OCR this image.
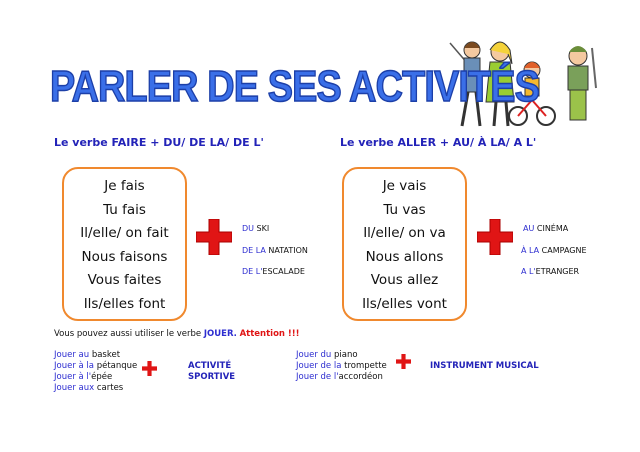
PARLER DE SES ACTIVITÉS
Le verbe FAIRE + DU/ DE LA/ DE L'	Le verbe ALLER + AU/ À LA/ A L'
Je fais
Tu fais
Il/elle/ on fait
Nous faisons
Vous faites
Ils/elles font
Je vais
Tu vas
Il/elle/ on va
Nous allons
Vous allez
Ils/elles vont
DU SKI
DE LA NATATION
DE L'ESCALADE
AU CINÉMA
À LA CAMPAGNE
A L'ETRANGER
Vous pouvez aussi utiliser le verbe JOUER. Attention !!!
Jouer au basket
Jouer à la pétanque
Jouer à l'épée
Jouer aux cartes
ACTIVITÉ
SPORTIVE
Jouer du piano
Jouer de la trompette
Jouer de l'accordéon
INSTRUMENT MUSICAL
